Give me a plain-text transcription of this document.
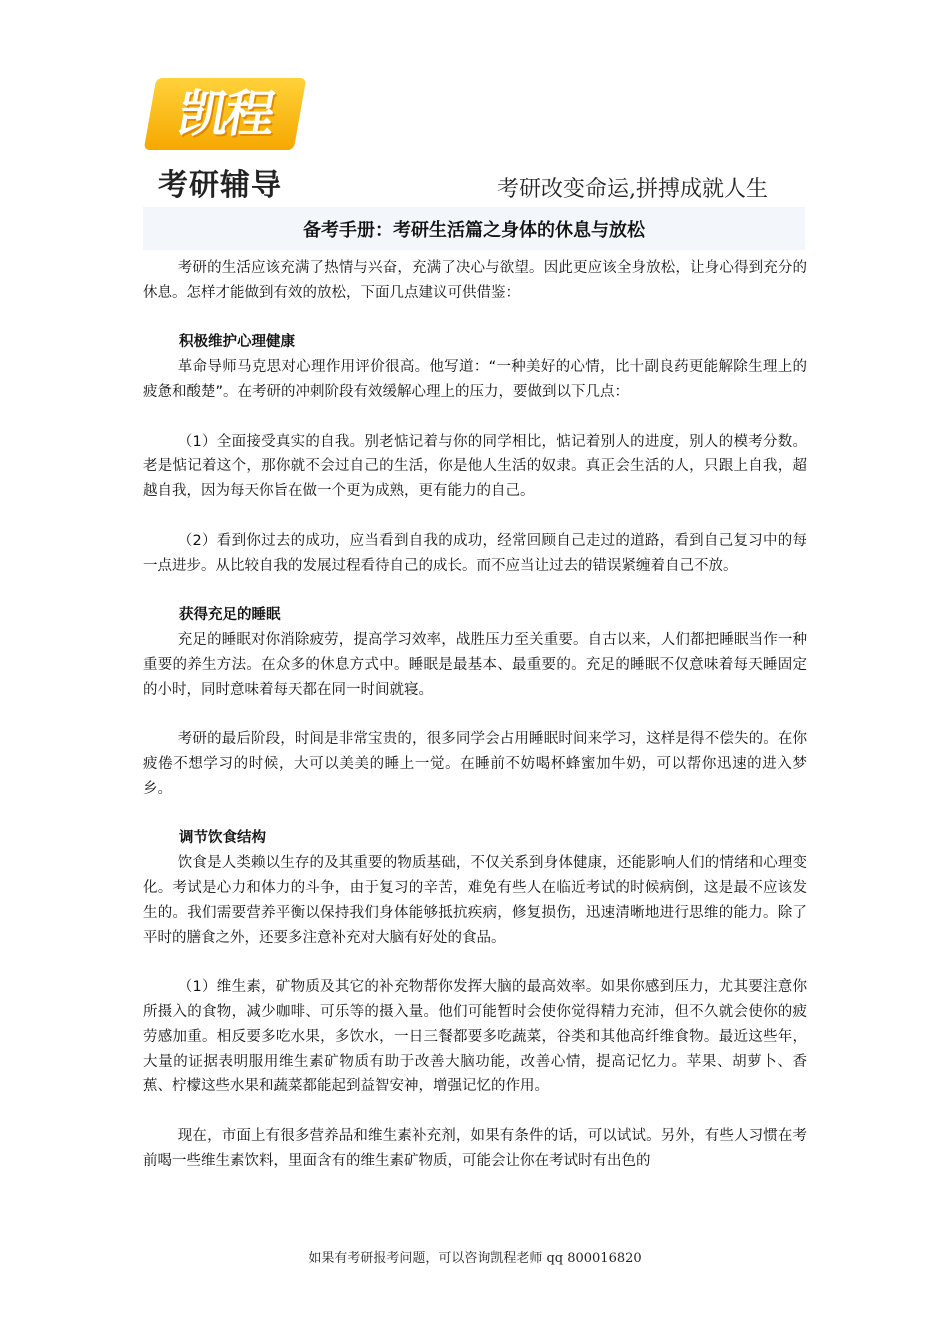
凯程
考研辅导	考研改变命运,拼搏成就人生
备考手册：考研生活篇之身体的休息与放松

考研的生活应该充满了热情与兴奋，充满了决心与欲望。因此更应该全身放松，让身心得到充分的休息。怎样才能做到有效的放松，下面几点建议可供借鉴：

积极维护心理健康

革命导师马克思对心理作用评价很高。他写道：“一种美好的心情，比十副良药更能解除生理上的疲惫和酸楚”。在考研的冲刺阶段有效缓解心理上的压力，要做到以下几点：

（1）全面接受真实的自我。别老惦记着与你的同学相比，惦记着别人的进度，别人的模考分数。老是惦记着这个，那你就不会过自己的生活，你是他人生活的奴隶。真正会生活的人，只跟上自我，超越自我，因为每天你旨在做一个更为成熟，更有能力的自己。

（2）看到你过去的成功，应当看到自我的成功，经常回顾自己走过的道路，看到自己复习中的每一点进步。从比较自我的发展过程看待自己的成长。而不应当让过去的错误紧缠着自己不放。

获得充足的睡眠

充足的睡眠对你消除疲劳，提高学习效率，战胜压力至关重要。自古以来，人们都把睡眠当作一种重要的养生方法。在众多的休息方式中。睡眠是最基本、最重要的。充足的睡眠不仅意味着每天睡固定的小时，同时意味着每天都在同一时间就寝。

考研的最后阶段，时间是非常宝贵的，很多同学会占用睡眠时间来学习，这样是得不偿失的。在你疲倦不想学习的时候，大可以美美的睡上一觉。在睡前不妨喝杯蜂蜜加牛奶，可以帮你迅速的进入梦乡。

调节饮食结构

饮食是人类赖以生存的及其重要的物质基础，不仅关系到身体健康，还能影响人们的情绪和心理变化。考试是心力和体力的斗争，由于复习的辛苦，难免有些人在临近考试的时候病倒，这是最不应该发生的。我们需要营养平衡以保持我们身体能够抵抗疾病，修复损伤，迅速清晰地进行思维的能力。除了平时的膳食之外，还要多注意补充对大脑有好处的食品。

（1）维生素，矿物质及其它的补充物帮你发挥大脑的最高效率。如果你感到压力，尤其要注意你所摄入的食物，减少咖啡、可乐等的摄入量。他们可能暂时会使你觉得精力充沛，但不久就会使你的疲劳感加重。相反要多吃水果，多饮水，一日三餐都要多吃蔬菜，谷类和其他高纤维食物。最近这些年，大量的证据表明服用维生素矿物质有助于改善大脑功能，改善心情，提高记忆力。苹果、胡萝卜、香蕉、柠檬这些水果和蔬菜都能起到益智安神，增强记忆的作用。

现在，市面上有很多营养品和维生素补充剂，如果有条件的话，可以试试。另外，有些人习惯在考前喝一些维生素饮料，里面含有的维生素矿物质，可能会让你在考试时有出色的

如果有考研报考问题，可以咨询凯程老师 qq 800016820
